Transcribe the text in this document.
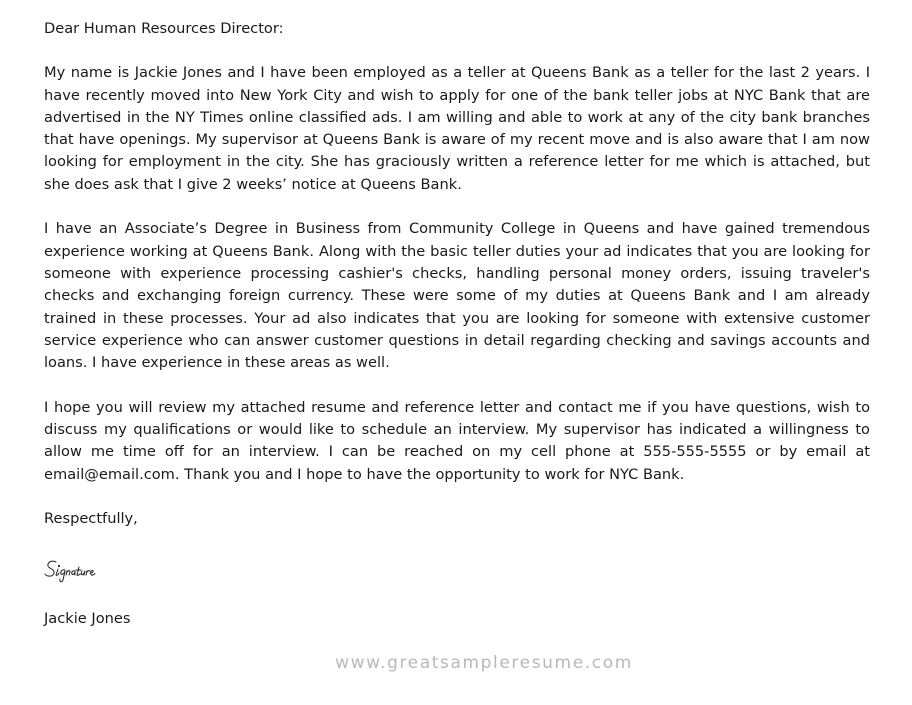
Dear Human Resources Director:

My name is Jackie Jones and I have been employed as a teller at Queens Bank as a teller for the last 2 years. I have recently moved into New York City and wish to apply for one of the bank teller jobs at NYC Bank that are advertised in the NY Times online classified ads. I am willing and able to work at any of the city bank branches that have openings. My supervisor at Queens Bank is aware of my recent move and is also aware that I am now looking for employment in the city. She has graciously written a reference letter for me which is attached, but she does ask that I give 2 weeks’ notice at Queens Bank.

I have an Associate’s Degree in Business from Community College in Queens and have gained tremendous experience working at Queens Bank. Along with the basic teller duties your ad indicates that you are looking for someone with experience processing cashier's checks, handling personal money orders, issuing traveler's checks and exchanging foreign currency. These were some of my duties at Queens Bank and I am already trained in these processes. Your ad also indicates that you are looking for someone with extensive customer service experience who can answer customer questions in detail regarding checking and savings accounts and loans. I have experience in these areas as well.

I hope you will review my attached resume and reference letter and contact me if you have questions, wish to discuss my qualifications or would like to schedule an interview. My supervisor has indicated a willingness to allow me time off for an interview. I can be reached on my cell phone at 555-555-5555 or by email at email@email.com. Thank you and I hope to have the opportunity to work for NYC Bank.

Respectfully,

Jackie Jones
www.greatsampleresume.com
